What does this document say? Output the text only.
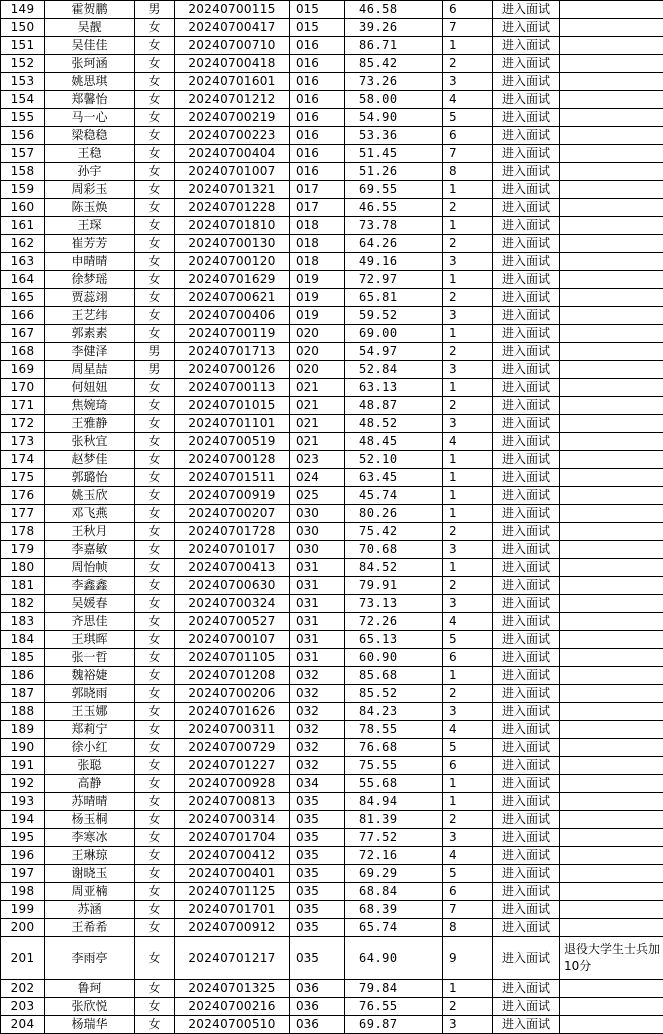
149	霍贺鹏	男	20240700115	015	46.58	6	进入面试	
150	吴靓	女	20240700417	015	39.26	7	进入面试	
151	吴佳佳	女	20240700710	016	86.71	1	进入面试	
152	张珂涵	女	20240700418	016	85.42	2	进入面试	
153	姚思琪	女	20240701601	016	73.26	3	进入面试	
154	郑馨怡	女	20240701212	016	58.00	4	进入面试	
155	马一心	女	20240700219	016	54.90	5	进入面试	
156	梁稳稳	女	20240700223	016	53.36	6	进入面试	
157	王稳	女	20240700404	016	51.45	7	进入面试	
158	孙宇	女	20240701007	016	51.26	8	进入面试	
159	周彩玉	女	20240701321	017	69.55	1	进入面试	
160	陈玉焕	女	20240701228	017	46.55	2	进入面试	
161	王琛	女	20240701810	018	73.78	1	进入面试	
162	崔芳芳	女	20240700130	018	64.26	2	进入面试	
163	申晴晴	女	20240700120	018	49.16	3	进入面试	
164	徐梦瑶	女	20240701629	019	72.97	1	进入面试	
165	贾蕊翊	女	20240700621	019	65.81	2	进入面试	
166	王艺纬	女	20240700406	019	59.52	3	进入面试	
167	郭素素	女	20240700119	020	69.00	1	进入面试	
168	李健泽	男	20240701713	020	54.97	2	进入面试	
169	周星喆	男	20240700126	020	52.84	3	进入面试	
170	何妞妞	女	20240700113	021	63.13	1	进入面试	
171	焦婉琦	女	20240701015	021	48.87	2	进入面试	
172	王雅静	女	20240701101	021	48.52	3	进入面试	
173	张秋宜	女	20240700519	021	48.45	4	进入面试	
174	赵梦佳	女	20240700128	023	52.10	1	进入面试	
175	郭璐怡	女	20240701511	024	63.45	1	进入面试	
176	姚玉欣	女	20240700919	025	45.74	1	进入面试	
177	邓飞燕	女	20240700207	030	80.26	1	进入面试	
178	王秋月	女	20240701728	030	75.42	2	进入面试	
179	李嘉敏	女	20240701017	030	70.68	3	进入面试	
180	周怡帧	女	20240700413	031	84.52	1	进入面试	
181	李鑫鑫	女	20240700630	031	79.91	2	进入面试	
182	吴媛春	女	20240700324	031	73.13	3	进入面试	
183	齐思佳	女	20240700527	031	72.26	4	进入面试	
184	王琪晖	女	20240700107	031	65.13	5	进入面试	
185	张一哲	女	20240701105	031	60.90	6	进入面试	
186	魏裕婕	女	20240701208	032	85.68	1	进入面试	
187	郭晓雨	女	20240700206	032	85.52	2	进入面试	
188	王玉娜	女	20240701626	032	84.23	3	进入面试	
189	郑莉宁	女	20240700311	032	78.55	4	进入面试	
190	徐小红	女	20240700729	032	76.68	5	进入面试	
191	张聪	女	20240701227	032	75.55	6	进入面试	
192	高静	女	20240700928	034	55.68	1	进入面试	
193	苏晴晴	女	20240700813	035	84.94	1	进入面试	
194	杨玉桐	女	20240700314	035	81.39	2	进入面试	
195	李寒冰	女	20240701704	035	77.52	3	进入面试	
196	王琳琼	女	20240700412	035	72.16	4	进入面试	
197	谢晓玉	女	20240700401	035	69.29	5	进入面试	
198	周亚楠	女	20240701125	035	68.84	6	进入面试	
199	苏涵	女	20240701701	035	68.39	7	进入面试	
200	王希希	女	20240700912	035	65.74	8	进入面试	
201	李雨亭	女	20240701217	035	64.90	9	进入面试	退役大学生士兵加10分
202	鲁珂	女	20240701325	036	79.84	1	进入面试	
203	张欣悦	女	20240700216	036	76.55	2	进入面试	
204	杨瑞华	女	20240700510	036	69.87	3	进入面试	
